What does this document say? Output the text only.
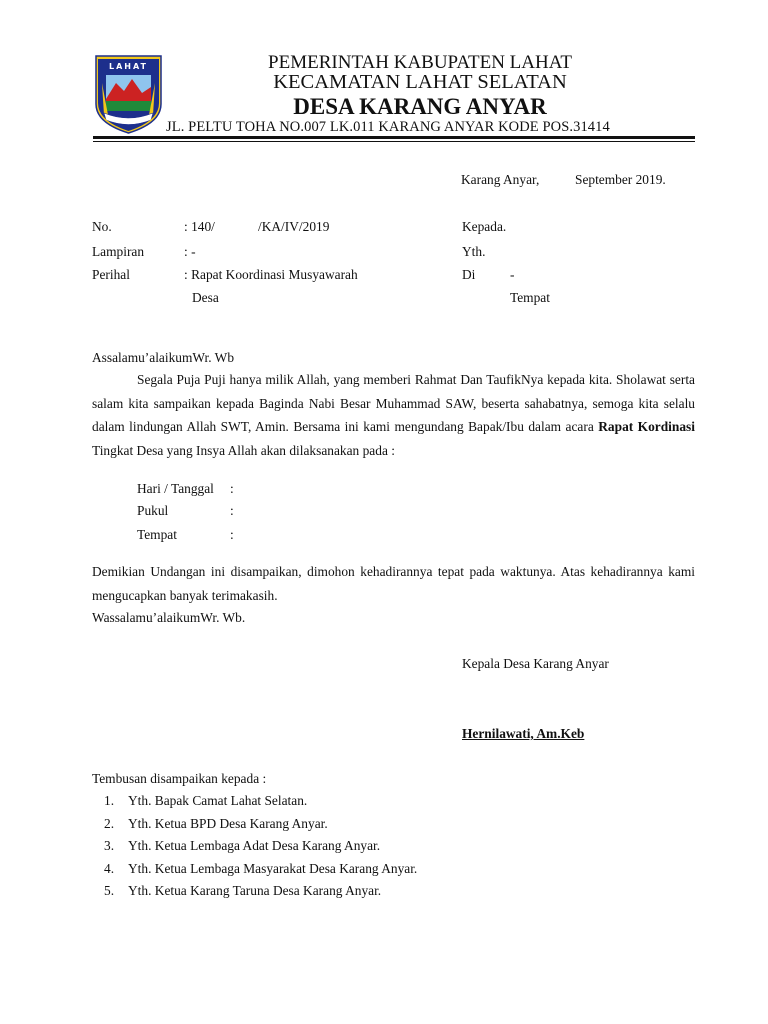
LAHAT	PEMERINTAH KABUPATEN LAHAT
KECAMATAN LAHAT SELATAN
DESA KARANG ANYAR
JL. PELTU TOHA NO.007 LK.011 KARANG ANYAR KODE POS.31414
Karang Anyar,	September 2019.
No.	: 140/	/KA/IV/2019
Lampiran	: -
Perihal	: Rapat Koordinasi Musyawarah
Desa
Kepada.
Yth.
Di	-
Tempat
Assalamu’alaikumWr. Wb
Segala Puja Puji hanya milik Allah, yang memberi Rahmat Dan TaufikNya kepada kita. Sholawat serta salam kita sampaikan kepada Baginda Nabi Besar Muhammad SAW, beserta sahabatnya, semoga kita selalu dalam lindungan Allah SWT, Amin. Bersama ini kami mengundang Bapak/Ibu dalam acara Rapat Kordinasi Tingkat Desa yang Insya Allah akan dilaksanakan pada :
Hari / Tanggal :
Pukul	:
Tempat	:
Demikian Undangan ini disampaikan, dimohon kehadirannya tepat pada waktunya. Atas kehadirannya kami mengucapkan banyak terimakasih.
Wassalamu’alaikumWr. Wb.
Kepala Desa Karang Anyar
Hernilawati, Am.Keb
Tembusan disampaikan kepada :
1. Yth. Bapak Camat Lahat Selatan.
2. Yth. Ketua BPD Desa Karang Anyar.
3. Yth. Ketua Lembaga Adat Desa Karang Anyar.
4. Yth. Ketua Lembaga Masyarakat Desa Karang Anyar.
5. Yth. Ketua Karang Taruna Desa Karang Anyar.
